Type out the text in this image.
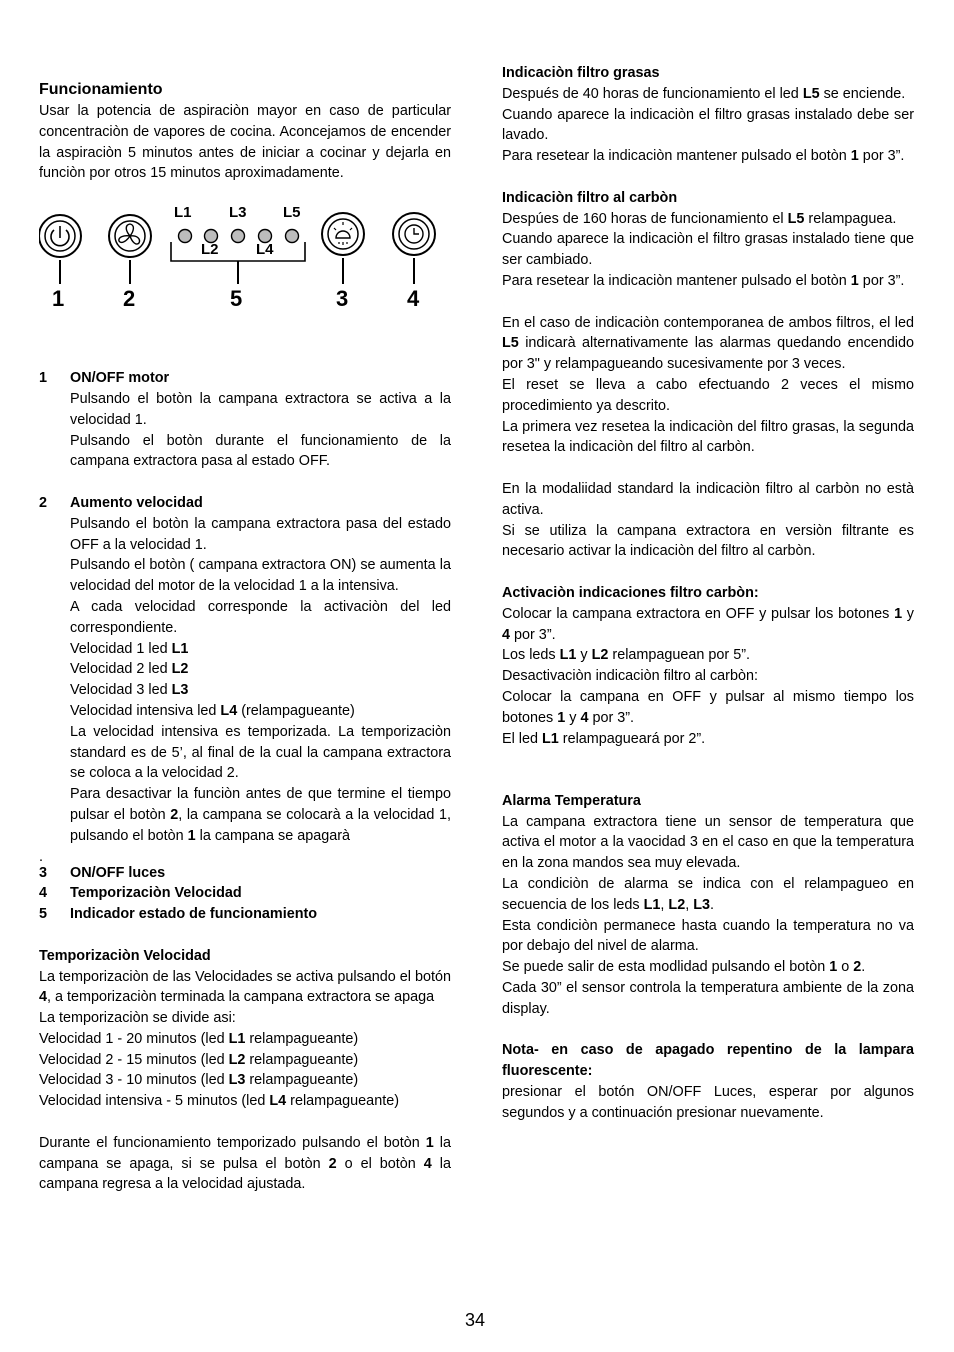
Funcionamiento

Usar la potencia de aspiraciòn mayor en caso de particular concentraciòn de vapores de cocina. Aconcejamos de encender la aspiraciòn 5 minutos antes de iniciar a cocinar y dejarla en funciòn por otros 15 minutos aproximadamente.

L1 L3 L5
L2 L4
1	2	5	3	4
1 ON/OFF motor

Pulsando el botòn la campana extractora se activa a la velocidad 1.

Pulsando el botòn durante el funcionamiento de la campana extractora pasa al estado OFF.

2 Aumento velocidad

Pulsando el botòn la campana extractora pasa del estado OFF a la velocidad 1.

Pulsando el botòn ( campana extractora ON) se aumenta la velocidad del motor de la velocidad 1 a la intensiva.

A cada velocidad corresponde la activaciòn del led correspondiente.

Velocidad 1 led L1

Velocidad 2 led L2

Velocidad 3 led L3

Velocidad intensiva led L4 (relampagueante)

La velocidad intensiva es temporizada. La temporizaciòn standard es de 5’, al final de la cual la campana extractora se coloca a la velocidad 2.

Para desactivar la funciòn antes de que termine el tiempo pulsar el botòn 2, la campana se colocarà a la velocidad 1, pulsando el botòn 1 la campana se apagarà

.

3 ON/OFF luces
4 Temporizaciòn Velocidad
5 Indicador estado de funcionamiento
Temporizaciòn Velocidad

La temporizaciòn de las Velocidades se activa pulsando el botón 4, a temporizaciòn terminada la campana extractora se apaga

La temporizaciòn se divide asi:

Velocidad 1 - 20 minutos (led L1 relampagueante)

Velocidad 2 - 15 minutos (led L2 relampagueante)

Velocidad 3 - 10 minutos (led L3 relampagueante)

Velocidad intensiva - 5 minutos (led L4 relampagueante)

Durante el funcionamiento temporizado pulsando el botòn 1 la campana se apaga, si se pulsa el botòn 2 o el botòn 4 la campana regresa a la velocidad ajustada.

Indicaciòn filtro grasas

Después de 40 horas de funcionamiento el led L5 se enciende.

Cuando aparece la indicaciòn el filtro grasas instalado debe ser lavado.

Para resetear la indicaciòn mantener pulsado el botòn 1 por 3”.

Indicaciòn filtro al carbòn

Despúes de 160 horas de funcionamiento el L5 relampaguea.

Cuando aparece la indicaciòn el filtro grasas instalado tiene que ser cambiado.

Para resetear la indicaciòn mantener pulsado el botòn 1 por 3”.

En el caso de indicaciòn contemporanea de ambos filtros, el led L5 indicarà alternativamente las alarmas quedando encendido por 3" y relampagueando sucesivamente por 3 veces.

El reset se lleva a cabo efectuando 2 veces el mismo procedimiento ya descrito.

La primera vez resetea la indicaciòn del filtro grasas, la segunda resetea la indicaciòn del filtro al carbòn.

En la modaliidad standard la indicaciòn filtro al carbòn no està activa.

Si se utiliza la campana extractora en versiòn filtrante es necesario activar la indicaciòn del filtro al carbòn.

Activaciòn indicaciones filtro carbòn:

Colocar la campana extractora en OFF y pulsar los botones 1 y 4 por 3”.

Los leds L1 y L2 relampaguean por 5”.

Desactivaciòn indicaciòn filtro al carbòn:

Colocar la campana en OFF y pulsar al mismo tiempo los botones 1 y 4 por 3”.

El led L1 relampagueará por 2”.

Alarma Temperatura

La campana extractora tiene un sensor de temperatura que activa el motor a la vaocidad 3 en el caso en que la temperatura en la zona mandos sea muy elevada.

La condiciòn de alarma se indica con el relampagueo en secuencia de los leds L1, L2, L3.

Esta condiciòn permanece hasta cuando la temperatura no va por debajo del nivel de alarma.

Se puede salir de esta modlidad pulsando el botòn 1 o 2.

Cada 30” el sensor controla la temperatura ambiente de la zona display.

Nota- en caso de apagado repentino de la lampara fluorescente:

presionar el botón ON/OFF Luces, esperar por algunos segundos y a continuación presionar nuevamente.

34
